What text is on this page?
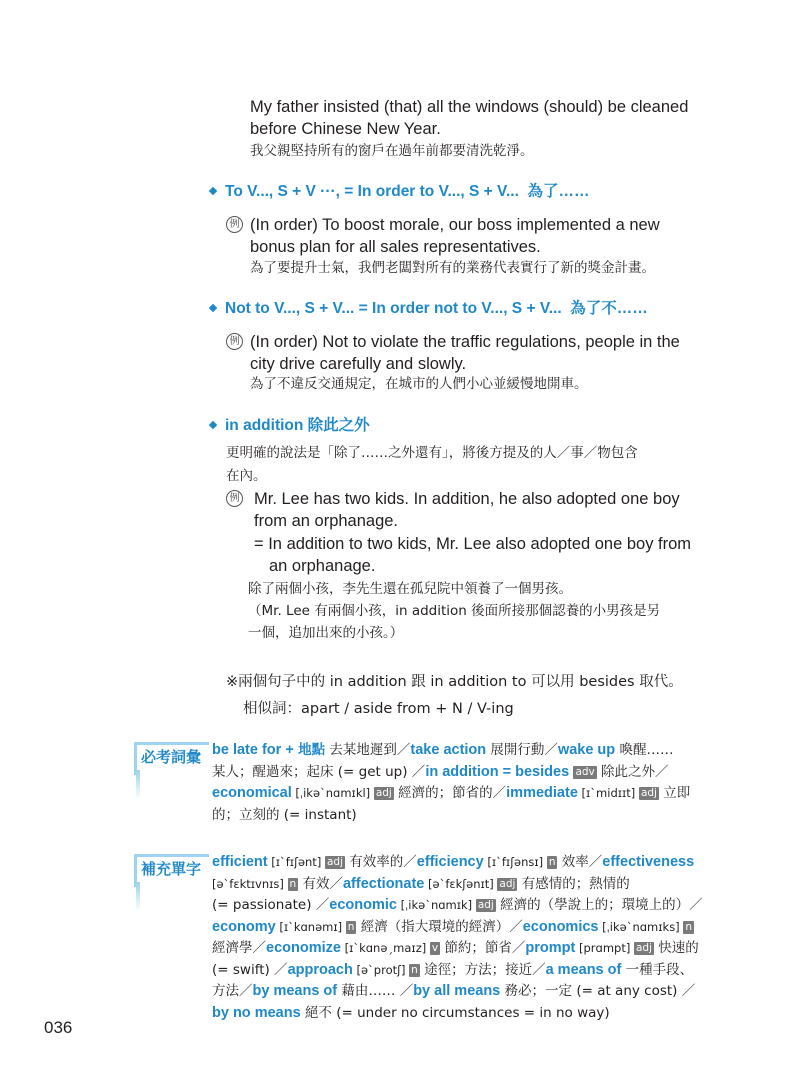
My father insisted (that) all the windows (should) be cleaned
before Chinese New Year.
我父親堅持所有的窗戶在過年前都要清洗乾淨。
To V..., S + V ···, = In order to V..., S + V... 為了……
例 (In order) To boost morale, our boss implemented a new
bonus plan for all sales representatives.
為了要提升士氣，我們老闆對所有的業務代表實行了新的獎金計畫。
Not to V..., S + V... = In order not to V..., S + V... 為了不……
例 (In order) Not to violate the traffic regulations, people in the
city drive carefully and slowly.
為了不違反交通規定，在城市的人們小心並緩慢地開車。
in addition 除此之外
更明確的說法是「除了……之外還有」，將後方提及的人／事／物包含
在內。
例 Mr. Lee has two kids. In addition, he also adopted one boy
from an orphanage.
= In addition to two kids, Mr. Lee also adopted one boy from
an orphanage.
除了兩個小孩，李先生還在孤兒院中領養了一個男孩。
（Mr. Lee 有兩個小孩，in addition 後面所接那個認養的小男孩是另
一個，追加出來的小孩。）
※兩個句子中的 in addition 跟 in addition to 可以用 besides 取代。
相似詞：apart / aside from + N / V-ing
必考詞彙 be late for + 地點 去某地遲到／take action 展開行動／wake up 喚醒……
某人；醒過來；起床 (= get up) ／in addition = besides adv 除此之外／
economical [ˌikəˋnɑmɪkl] adj 經濟的；節省的／immediate [ɪˋmidɪɪt] adj 立即
的；立刻的 (= instant)
補充單字 efficient [ɪˋfɪʃənt] adj 有效率的／efficiency [ɪˋfɪʃənsɪ] n 效率／effectiveness
[əˋfɛktɪvnɪs] n 有效／affectionate [əˋfɛkʃənɪt] adj 有感情的；熱情的
(= passionate) ／economic [ˌikəˋnɑmɪk] adj 經濟的（學說上的；環境上的）／
economy [ɪˋkɑnəmɪ] n 經濟（指大環境的經濟）／economics [ˌikəˋnɑmɪks] n
經濟學／economize [ɪˋkɑnəˏmaɪz] v 節約；節省／prompt [prɑmpt] adj 快速的
(= swift) ／approach [əˋprotʃ] n 途徑；方法；接近／a means of 一種手段、
方法／by means of 藉由…… ／by all means 務必；一定 (= at any cost) ／
by no means 絕不 (= under no circumstances = in no way)
036
